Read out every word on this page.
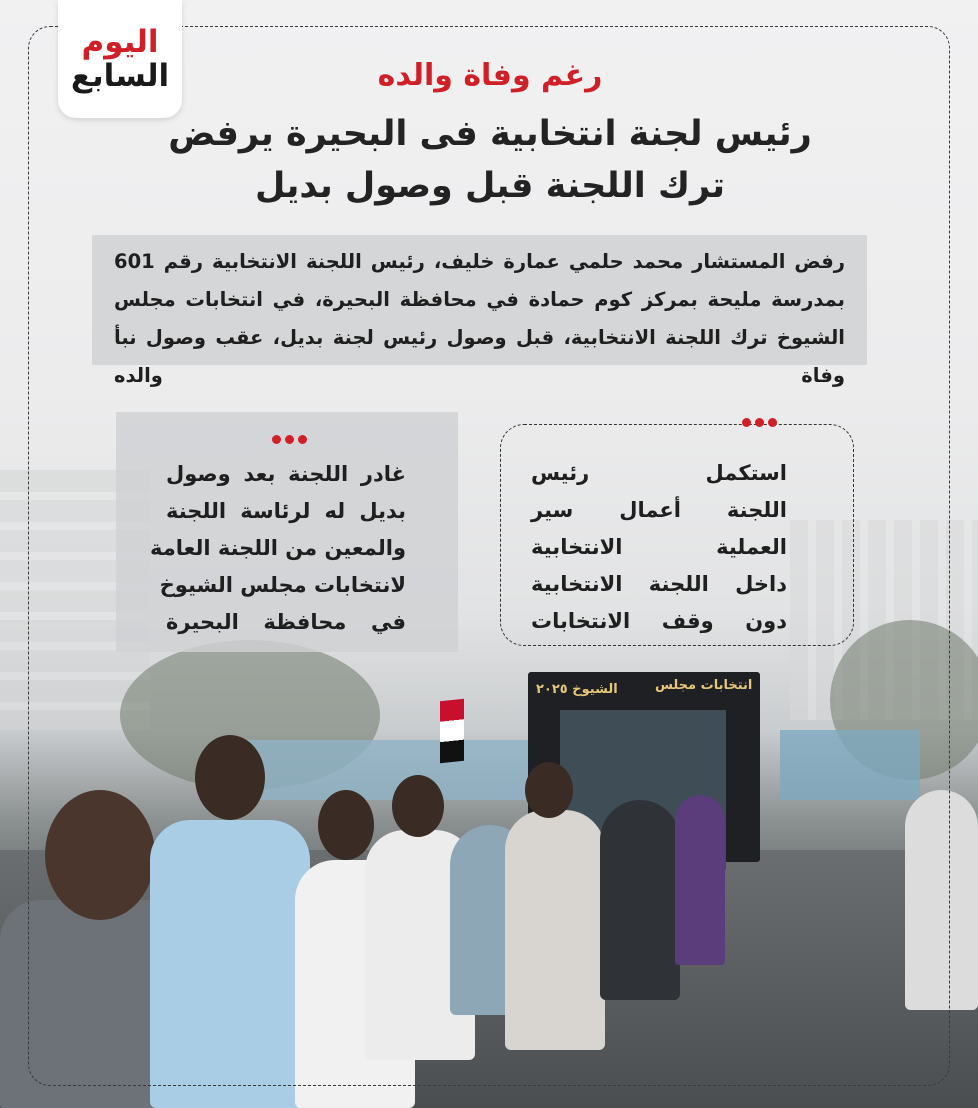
انتخابات مجلس
الشيوخ ٢٠٢٥
اليوم
السابع	رغم وفاة والده
رئيس لجنة انتخابية فى البحيرة يرفض
ترك اللجنة قبل وصول بديل
رفض المستشار محمد حلمي عمارة خليف، رئيس اللجنة الانتخابية رقم 601 بمدرسة مليحة بمركز كوم حمادة في محافظة البحيرة، في انتخابات مجلس الشيوخ ترك اللجنة الانتخابية، قبل وصول رئيس لجنة بديل، عقب وصول نبأ وفاة والده
استكمل رئيس
اللجنة أعمال سير
العملية الانتخابية
داخل اللجنة الانتخابية
دون وقف الانتخابات
غادر اللجنة بعد وصول
بديل له لرئاسة اللجنة
والمعين من اللجنة العامة
لانتخابات مجلس الشيوخ
في محافظة البحيرة
